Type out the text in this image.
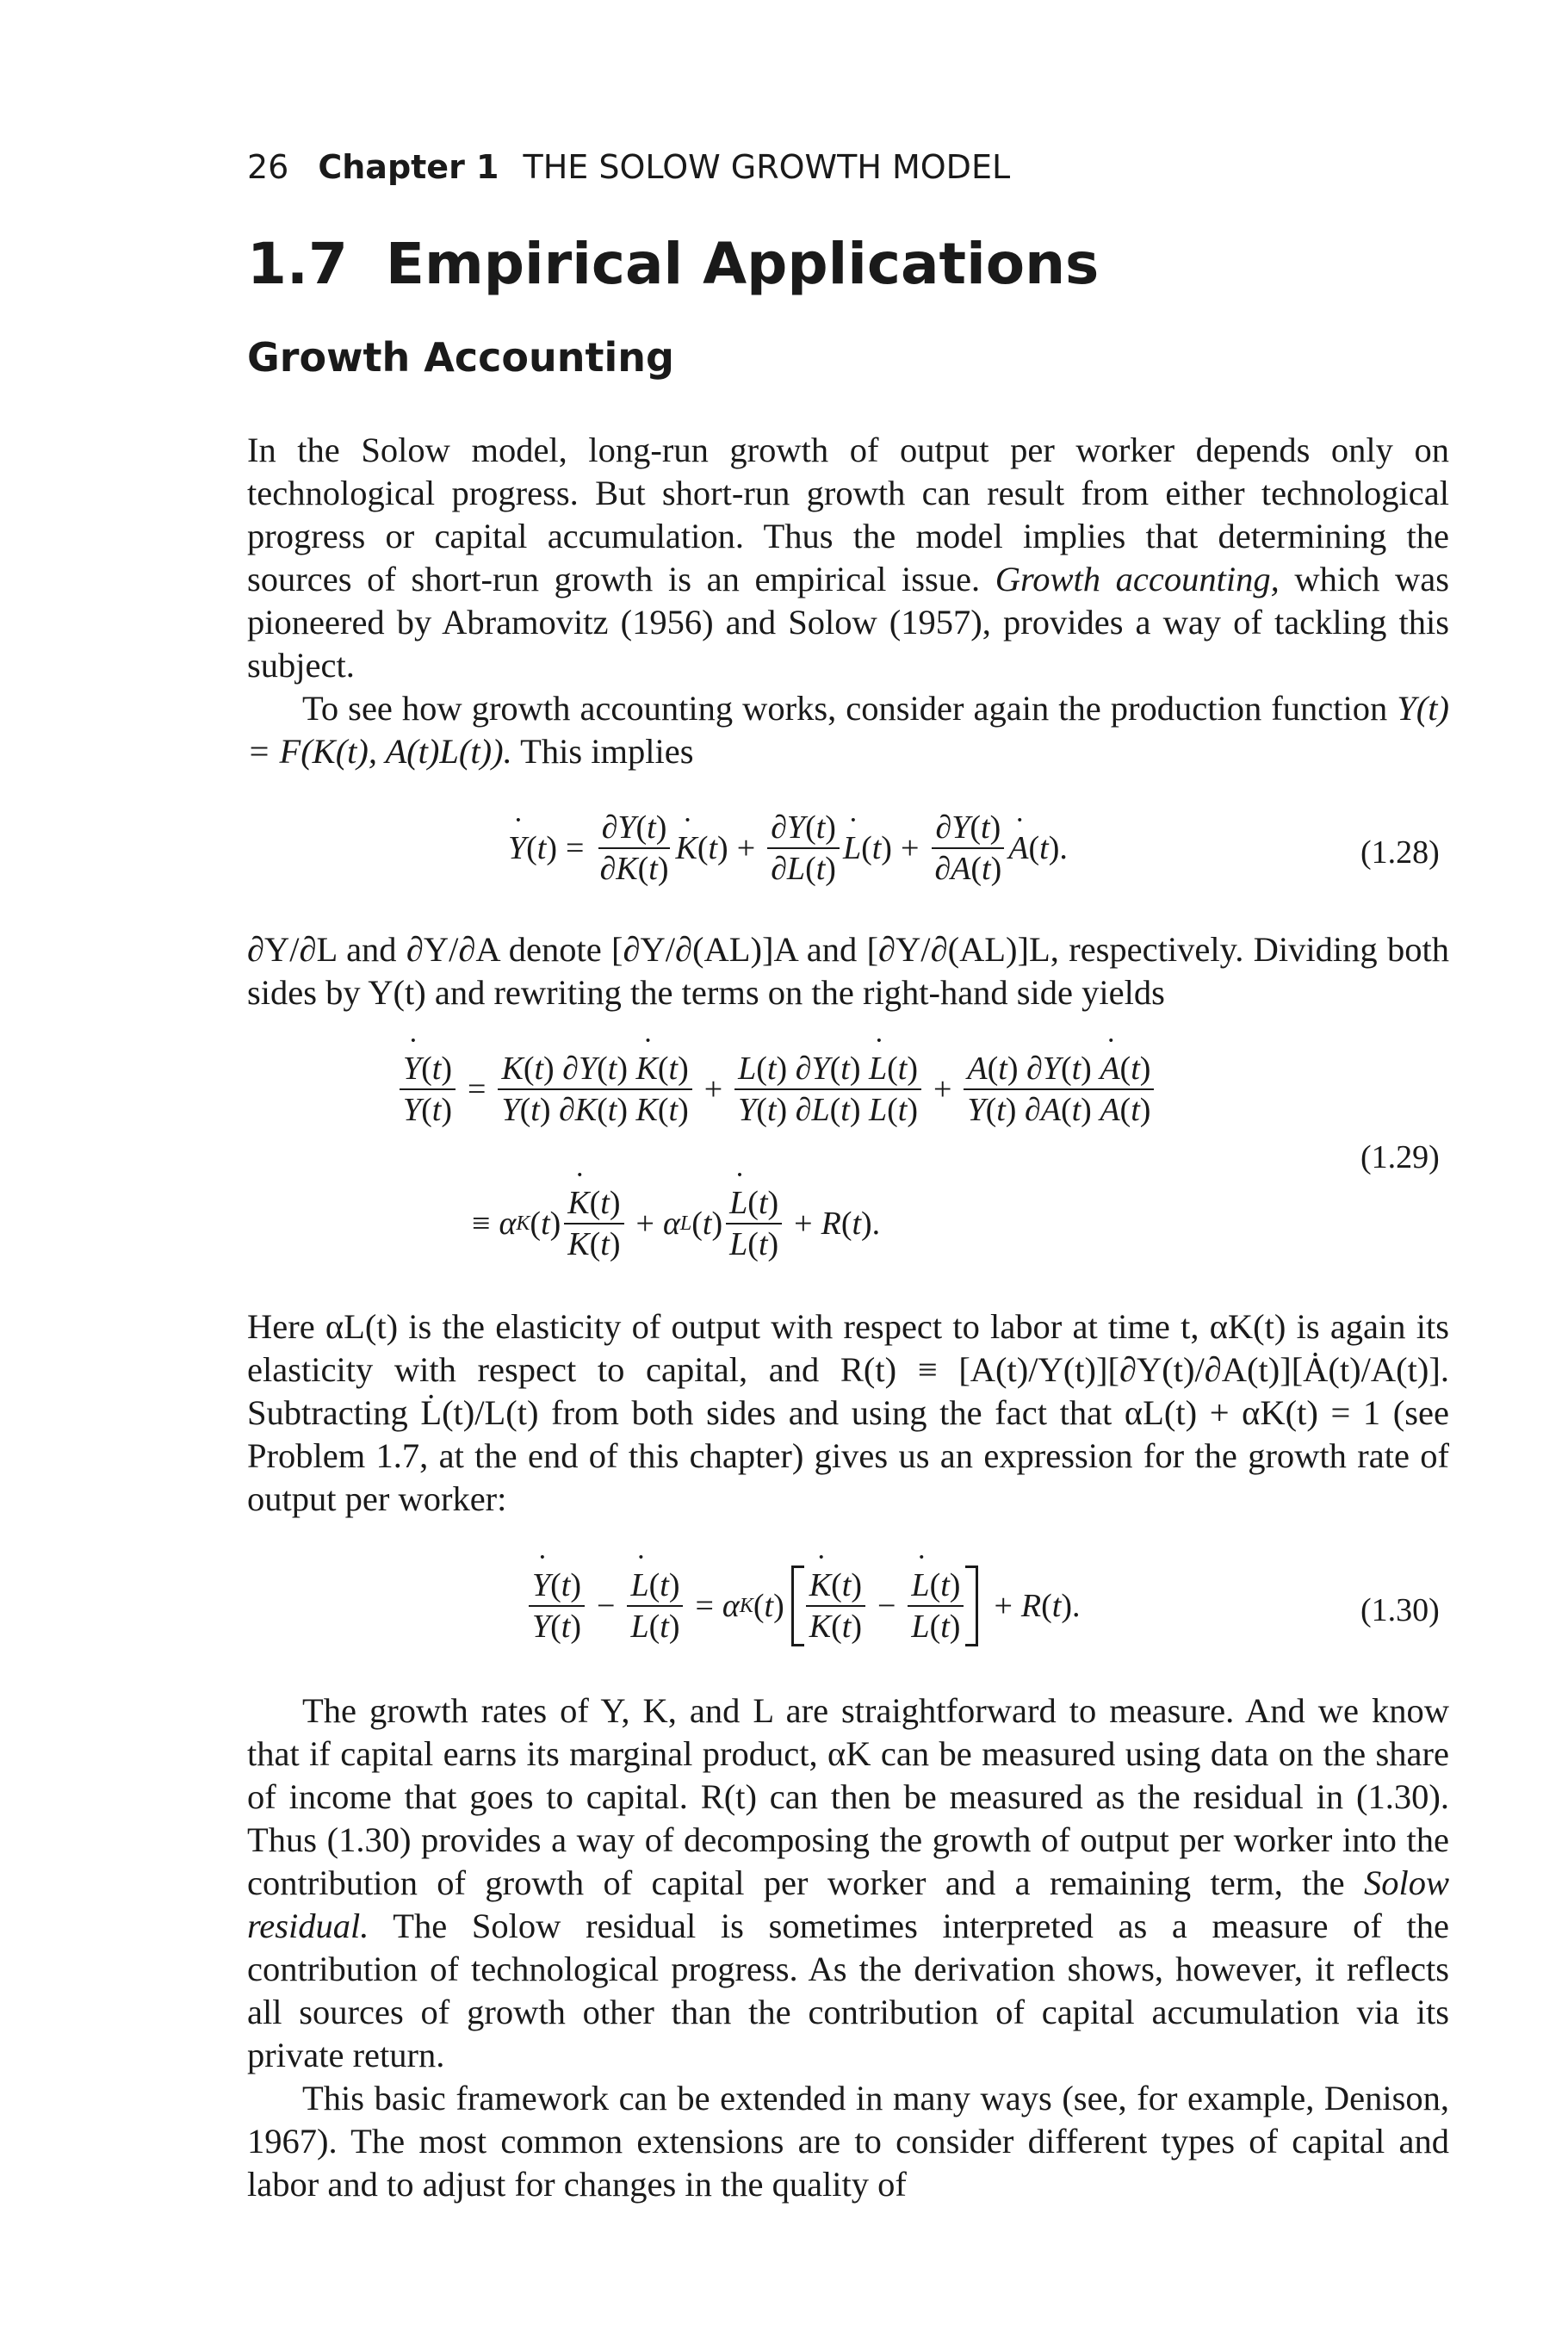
26 Chapter 1 THE SOLOW GROWTH MODEL
1.7 Empirical Applications
Growth Accounting

In the Solow model, long-run growth of output per worker depends only on technological progress. But short-run growth can result from either technological progress or capital accumulation. Thus the model implies that determining the sources of short-run growth is an empirical issue. Growth accounting, which was pioneered by Abramovitz (1956) and Solow (1957), provides a way of tackling this subject.

To see how growth accounting works, consider again the production function Y(t) = F(K(t), A(t)L(t)). This implies

˙ Y ( t ) = $\frac{\partial Y(t)}{\partial K(t)}$ ˙ K ( t ) + $\frac{\partial Y(t)}{\partial L(t)}$ ˙ L ( t ) + $\frac{\partial Y(t)}{\partial A(t)}$ ˙ A ( t ).	(1.28)

∂Y/∂L and ∂Y/∂A denote [∂Y/∂(AL)]A and [∂Y/∂(AL)]L, respectively. Dividing both sides by Y(t) and rewriting the terms on the right-hand side yields

˙ $\frac{Y(t)}{Y(t)} = \frac{K(t) \partial Y(t) ˙ K(t)}{Y(t) \partial K(t) K(t)} + \frac{L(t) \partial Y(t) ˙ L(t)}{Y(t) \partial L(t) L(t)} + \frac{A(t) \partial Y(t) ˙ A(t)}{Y(t) \partial A(t) A(t)}$
≡ α K ( t ) ˙ $\frac{K(t)}{K(t)} + \alpha$ L ( t ) ˙ $\frac{L(t)}{L(t)} + R$ ( t ).
(1.29)

Here αL(t) is the elasticity of output with respect to labor at time t, αK(t) is again its elasticity with respect to capital, and R(t) ≡ [A(t)/Y(t)][∂Y(t)/∂A(t)][Ȧ(t)/A(t)]. Subtracting L̇(t)/L(t) from both sides and using the fact that αL(t) + αK(t) = 1 (see Problem 1.7, at the end of this chapter) gives us an expression for the growth rate of output per worker:

˙ $\frac{Y(t)}{Y(t)}$ − ˙ $\frac{L(t)}{L(t)} = \alpha$ K ( t ) ˙ $\frac{K(t)}{K(t)}$ − ˙ $\frac{L(t)}{L(t)} + R$ ( t ).	(1.30)

The growth rates of Y, K, and L are straightforward to measure. And we know that if capital earns its marginal product, αK can be measured using data on the share of income that goes to capital. R(t) can then be measured as the residual in (1.30). Thus (1.30) provides a way of decomposing the growth of output per worker into the contribution of growth of capital per worker and a remaining term, the Solow residual. The Solow residual is sometimes interpreted as a measure of the contribution of technological progress. As the derivation shows, however, it reflects all sources of growth other than the contribution of capital accumulation via its private return.

This basic framework can be extended in many ways (see, for example, Denison, 1967). The most common extensions are to consider different types of capital and labor and to adjust for changes in the quality of
